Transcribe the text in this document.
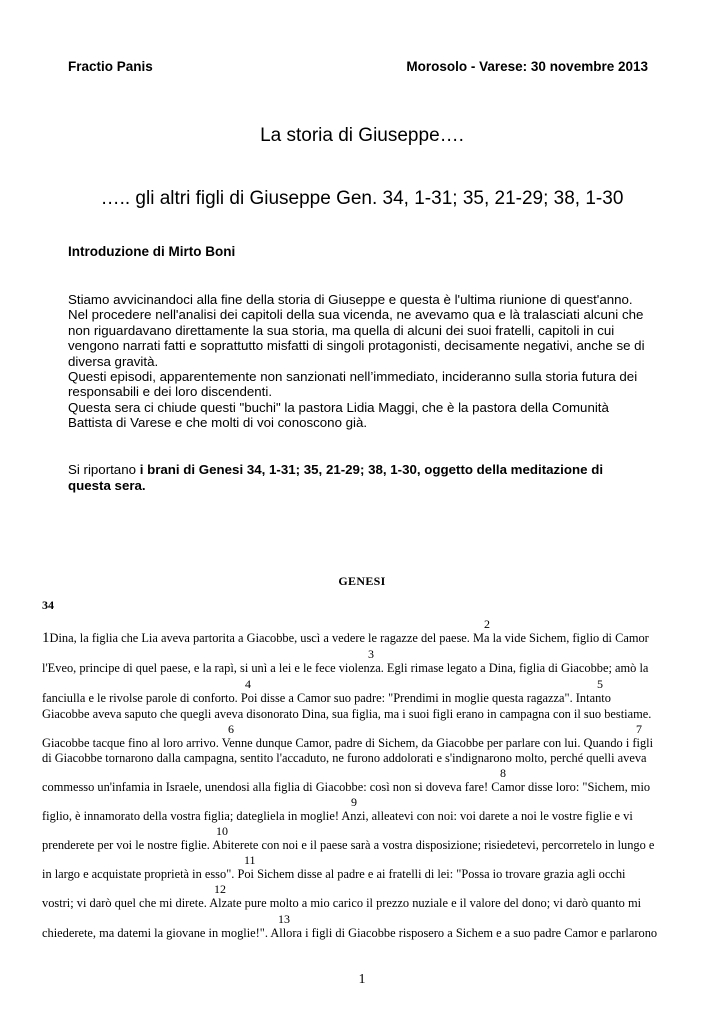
Fractio Panis	Morosolo - Varese: 30 novembre 2013
La storia di Giuseppe….
….. gli altri figli di Giuseppe Gen. 34, 1-31; 35, 21-29; 38, 1-30
Introduzione di Mirto Boni

Stiamo avvicinandoci alla fine della storia di Giuseppe e questa è l'ultima riunione di quest'anno.

Nel procedere nell'analisi dei capitoli della sua vicenda, ne avevamo qua e là tralasciati alcuni che

non riguardavano direttamente la sua storia, ma quella di alcuni dei suoi fratelli, capitoli in cui

vengono narrati fatti e soprattutto misfatti di singoli protagonisti, decisamente negativi, anche se di

diversa gravità.

Questi episodi, apparentemente non sanzionati nell’immediato, incideranno sulla storia futura dei

responsabili e dei loro discendenti.

Questa sera ci chiude questi "buchi" la pastora Lidia Maggi, che è la pastora della Comunità

Battista di Varese e che molti di voi conoscono già.

Si riportano i brani di Genesi 34, 1-31; 35, 21-29; 38, 1-30, oggetto della meditazione di
questa sera.
GENESI
34
2
3
4	5
6	7
8
9
10
11
12
13
1Dina, la figlia che Lia aveva partorita a Giacobbe, uscì a vedere le ragazze del paese. Ma la vide Sichem, figlio di Camor
l'Eveo, principe di quel paese, e la rapì, si unì a lei e le fece violenza. Egli rimase legato a Dina, figlia di Giacobbe; amò la
fanciulla e le rivolse parole di conforto. Poi disse a Camor suo padre: "Prendimi in moglie questa ragazza". Intanto
Giacobbe aveva saputo che quegli aveva disonorato Dina, sua figlia, ma i suoi figli erano in campagna con il suo bestiame.
Giacobbe tacque fino al loro arrivo. Venne dunque Camor, padre di Sichem, da Giacobbe per parlare con lui. Quando i figli
di Giacobbe tornarono dalla campagna, sentito l'accaduto, ne furono addolorati e s'indignarono molto, perché quelli aveva
commesso un'infamia in Israele, unendosi alla figlia di Giacobbe: così non si doveva fare! Camor disse loro: "Sichem, mio
figlio, è innamorato della vostra figlia; dategliela in moglie! Anzi, alleatevi con noi: voi darete a noi le vostre figlie e vi
prenderete per voi le nostre figlie. Abiterete con noi e il paese sarà a vostra disposizione; risiedetevi, percorretelo in lungo e
in largo e acquistate proprietà in esso". Poi Sichem disse al padre e ai fratelli di lei: "Possa io trovare grazia agli occhi
vostri; vi darò quel che mi direte. Alzate pure molto a mio carico il prezzo nuziale e il valore del dono; vi darò quanto mi
chiederete, ma datemi la giovane in moglie!". Allora i figli di Giacobbe risposero a Sichem e a suo padre Camor e parlarono
1
